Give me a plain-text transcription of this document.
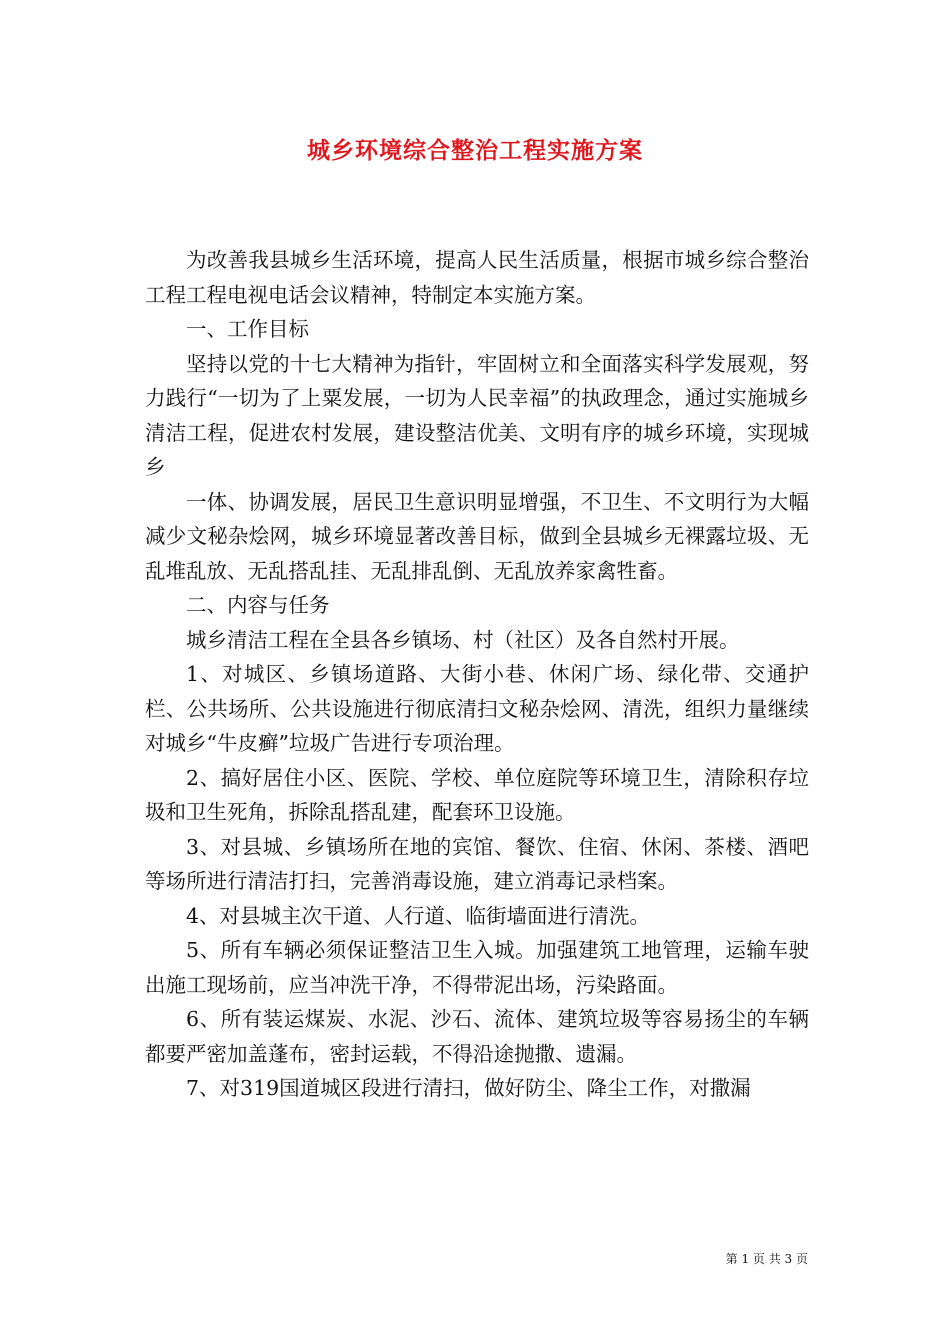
城乡环境综合整治工程实施方案

为改善我县城乡生活环境，提高人民生活质量，根据市城乡综合整治工程工程电视电话会议精神，特制定本实施方案。

一、工作目标

坚持以党的十七大精神为指针，牢固树立和全面落实科学发展观，努力践行“一切为了上粟发展，一切为人民幸福”的执政理念，通过实施城乡清洁工程，促进农村发展，建设整洁优美、文明有序的城乡环境，实现城乡

一体、协调发展，居民卫生意识明显增强，不卫生、不文明行为大幅减少文秘杂烩网，城乡环境显著改善目标，做到全县城乡无裸露垃圾、无乱堆乱放、无乱搭乱挂、无乱排乱倒、无乱放养家禽牲畜。

二、内容与任务

城乡清洁工程在全县各乡镇场、村（社区）及各自然村开展。

1、对城区、乡镇场道路、大街小巷、休闲广场、绿化带、交通护栏、公共场所、公共设施进行彻底清扫文秘杂烩网、清洗，组织力量继续对城乡“牛皮癣”垃圾广告进行专项治理。

2、搞好居住小区、医院、学校、单位庭院等环境卫生，清除积存垃圾和卫生死角，拆除乱搭乱建，配套环卫设施。

3、对县城、乡镇场所在地的宾馆、餐饮、住宿、休闲、茶楼、酒吧等场所进行清洁打扫，完善消毒设施，建立消毒记录档案。

4、对县城主次干道、人行道、临街墙面进行清洗。

5、所有车辆必须保证整洁卫生入城。加强建筑工地管理，运输车驶出施工现场前，应当冲洗干净，不得带泥出场，污染路面。

6、所有装运煤炭、水泥、沙石、流体、建筑垃圾等容易扬尘的车辆都要严密加盖蓬布，密封运载，不得沿途抛撒、遗漏。

7、对319国道城区段进行清扫，做好防尘、降尘工作，对撒漏

第 1 页 共 3 页
